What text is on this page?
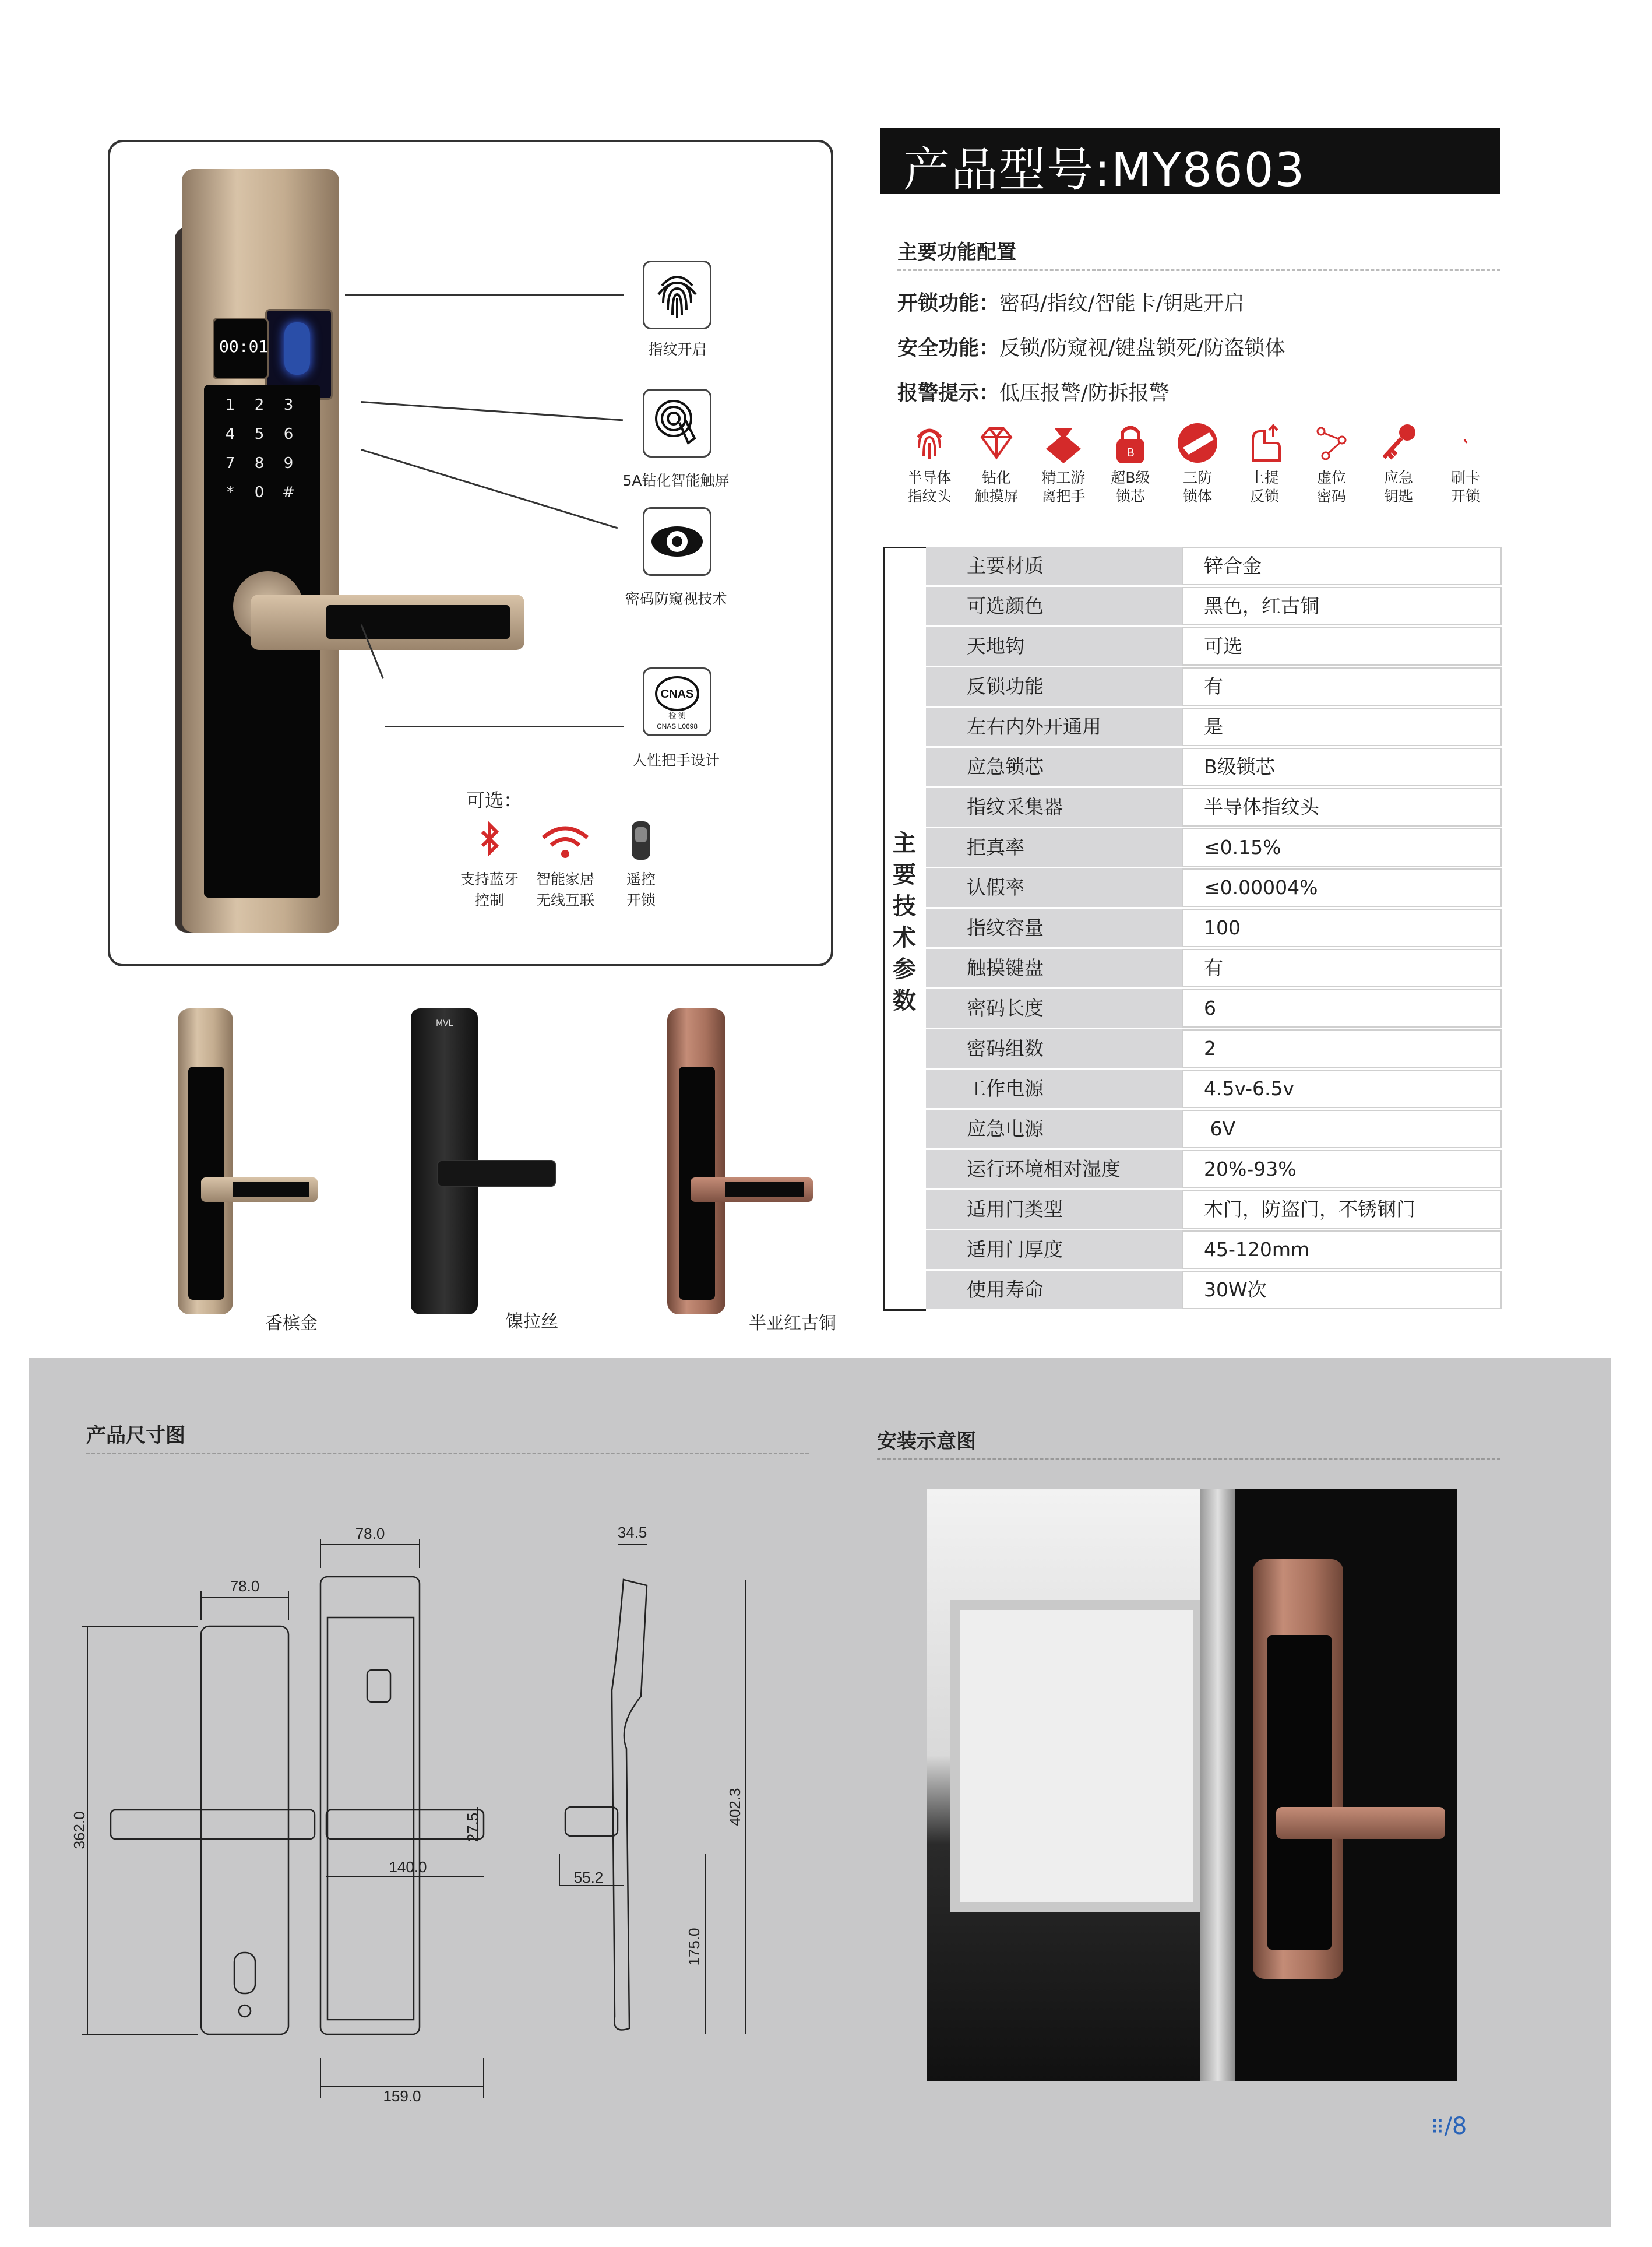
00:01
1	2	3
4	5	6
7	8	9
*	0	#
指纹开启
5A钻化智能触屏
密码防窥视技术
CNAS
检 测
CNAS L0698
人性把手设计
可选：
支持蓝牙
控制
智能家居
无线互联
遥控
开锁
香槟金
MVL
镍拉丝	半亚红古铜
产品型号:MY8603
主要功能配置
开锁功能：密码/指纹/智能卡/钥匙开启
安全功能：反锁/防窥视/键盘锁死/防盗锁体
报警提示：低压报警/防拆报警
半导体
指纹头
钻化
触摸屏
精工游
离把手
B
超B级
锁芯
三防
锁体
上提
反锁
虚位
密码
应急
钥匙
刷卡
开锁
主
要
技
术
参
数
主要材质	锌合金
可选颜色	黑色，红古铜
天地钩	可选
反锁功能	有
左右内外开通用	是
应急锁芯	B级锁芯
指纹采集器	半导体指纹头
拒真率	≤0.15%
认假率	≤0.00004%
指纹容量	100
触摸键盘	有
密码长度	6
密码组数	2
工作电源	4.5v-6.5v
应急电源	6V
运行环境相对湿度	20%-93%
适用门类型	木门，防盗门，不锈钢门
适用门厚度	45-120mm
使用寿命	30W次
产品尺寸图	安装示意图
78.0
78.0
34.5
362.0
402.3
27.5
140.0
55.2
175.0
159.0
⠿/8
